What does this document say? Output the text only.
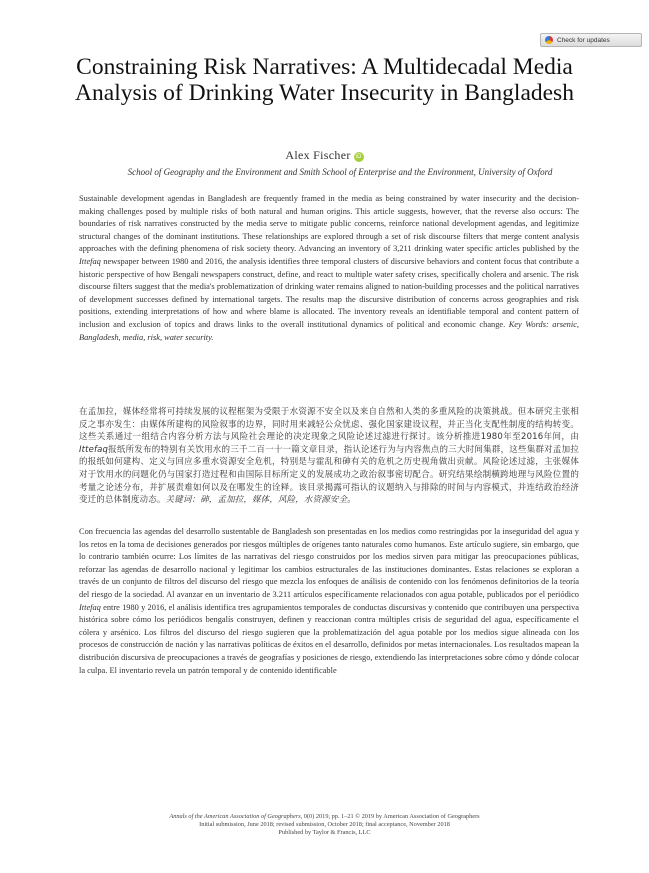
Check for updates
Constraining Risk Narratives: A Multidecadal Media Analysis of Drinking Water Insecurity in Bangladesh
Alex Fischer iD
School of Geography and the Environment and Smith School of Enterprise and the Environment, University of Oxford

Sustainable development agendas in Bangladesh are frequently framed in the media as being constrained by water insecurity and the decision-making challenges posed by multiple risks of both natural and human origins. This article suggests, however, that the reverse also occurs: The boundaries of risk narratives constructed by the media serve to mitigate public concerns, reinforce national development agendas, and legitimize structural changes of the dominant institutions. These relationships are explored through a set of risk discourse filters that merge content analysis approaches with the defining phenomena of risk society theory. Advancing an inventory of 3,211 drinking water specific articles published by the Ittefaq newspaper between 1980 and 2016, the analysis identifies three temporal clusters of discursive behaviors and content focus that contribute a historic perspective of how Bengali newspapers construct, define, and react to multiple water safety crises, specifically cholera and arsenic. The risk discourse filters suggest that the media's problematization of drinking water remains aligned to nation-building processes and the political narratives of development successes defined by international targets. The results map the discursive distribution of concerns across geographies and risk positions, extending interpretations of how and where blame is allocated. The inventory reveals an identifiable temporal and content pattern of inclusion and exclusion of topics and draws links to the overall institutional dynamics of political and economic change. Key Words: arsenic, Bangladesh, media, risk, water security.

在孟加拉，媒体经常将可持续发展的议程框架为受限于水资源不安全以及来自自然和人类的多重风险的决策挑战。但本研究主张相反之事亦发生：由媒体所建构的风险叙事的边界，同时用来减轻公众忧虑、强化国家建设议程，并正当化支配性制度的结构转变。这些关系通过一组结合内容分析方法与风险社会理论的决定现象之风险论述过滤进行探讨。该分析推进1980年至2016年间，由Ittefaq报纸所发布的特别有关饮用水的三千二百一十一篇文章目录，指认论述行为与内容焦点的三大时间集群，这些集群对孟加拉的报纸如何建构、定义与回应多重水资源安全危机，特别是与霍乱和砷有关的危机之历史视角做出贡献。风险论述过滤，主张媒体对于饮用水的问题化仍与国家打造过程和由国际目标所定义的发展成功之政治叙事密切配合。研究结果绘制横跨地理与风险位置的考量之论述分布，并扩展责难如何以及在哪发生的诠释。该目录揭露可指认的议题纳入与排除的时间与内容模式，并连结政治经济变迁的总体制度动态。关键词：砷，孟加拉，媒体，风险，水资源安全。

Con frecuencia las agendas del desarrollo sustentable de Bangladesh son presentadas en los medios como restringidas por la inseguridad del agua y los retos en la toma de decisiones generados por riesgos múltiples de orígenes tanto naturales como humanos. Este artículo sugiere, sin embargo, que lo contrario también ocurre: Los límites de las narrativas del riesgo construidos por los medios sirven para mitigar las preocupaciones públicas, reforzar las agendas de desarrollo nacional y legitimar los cambios estructurales de las instituciones dominantes. Estas relaciones se exploran a través de un conjunto de filtros del discurso del riesgo que mezcla los enfoques de análisis de contenido con los fenómenos definitorios de la teoría del riesgo de la sociedad. Al avanzar en un inventario de 3.211 artículos específicamente relacionados con agua potable, publicados por el periódico Ittefaq entre 1980 y 2016, el análisis identifica tres agrupamientos temporales de conductas discursivas y contenido que contribuyen una perspectiva histórica sobre cómo los periódicos bengalís construyen, definen y reaccionan contra múltiples crisis de seguridad del agua, específicamente el cólera y arsénico. Los filtros del discurso del riesgo sugieren que la problematización del agua potable por los medios sigue alineada con los procesos de construcción de nación y las narrativas políticas de éxitos en el desarrollo, definidos por metas internacionales. Los resultados mapean la distribución discursiva de preocupaciones a través de geografías y posiciones de riesgo, extendiendo las interpretaciones sobre cómo y dónde colocar la culpa. El inventario revela un patrón temporal y de contenido identificable

Annals of the American Association of Geographers, 0(0) 2019, pp. 1–21 © 2019 by American Association of Geographers
Initial submission, June 2018; revised submission, October 2018; final acceptance, November 2018
Published by Taylor & Francis, LLC
